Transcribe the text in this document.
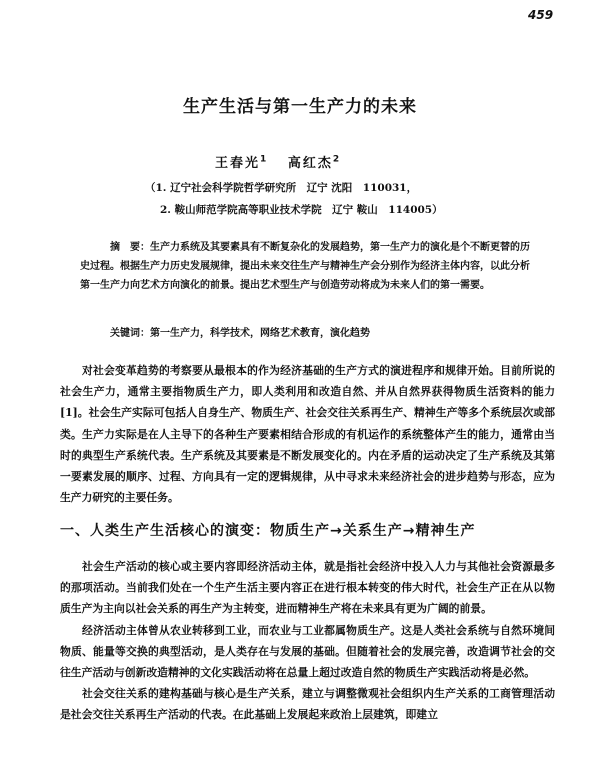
459
生产生活与第一生产力的未来
王春光$^1$ 高红杰$^2$
（1. 辽宁社会科学院哲学研究所　辽宁 沈阳　110031，
2. 鞍山师范学院高等职业技术学院　辽宁 鞍山　114005）
摘　要：生产力系统及其要素具有不断复杂化的发展趋势，第一生产力的演化是个不断更替的历史过程。根据生产力历史发展规律，提出未来交往生产与精神生产会分别作为经济主体内容，以此分析第一生产力向艺术方向演化的前景。提出艺术型生产与创造劳动将成为未来人们的第一需要。
关键词：第一生产力，科学技术，网络艺术教育，演化趋势

对社会变革趋势的考察要从最根本的作为经济基础的生产方式的演进程序和规律开始。目前所说的社会生产力，通常主要指物质生产力，即人类利用和改造自然、并从自然界获得物质生活资料的能力[1]。社会生产实际可包括人自身生产、物质生产、社会交往关系再生产、精神生产等多个系统层次或部类。生产力实际是在人主导下的各种生产要素相结合形成的有机运作的系统整体产生的能力，通常由当时的典型生产系统代表。生产系统及其要素是不断发展变化的。内在矛盾的运动决定了生产系统及其第一要素发展的顺序、过程、方向具有一定的逻辑规律，从中寻求未来经济社会的进步趋势与形态，应为生产力研究的主要任务。

一、人类生产生活核心的演变：物质生产→关系生产→精神生产

社会生产活动的核心或主要内容即经济活动主体，就是指社会经济中投入人力与其他社会资源最多的那项活动。当前我们处在一个生产生活主要内容正在进行根本转变的伟大时代，社会生产正在从以物质生产为主向以社会关系的再生产为主转变，进而精神生产将在未来具有更为广阔的前景。

经济活动主体曾从农业转移到工业，而农业与工业都属物质生产。这是人类社会系统与自然环境间物质、能量等交换的典型活动，是人类存在与发展的基础。但随着社会的发展完善，改造调节社会的交往生产活动与创新改造精神的文化实践活动将在总量上超过改造自然的物质生产实践活动将是必然。

社会交往关系的建构基础与核心是生产关系，建立与调整微观社会组织内生产关系的工商管理活动是社会交往关系再生产活动的代表。在此基础上发展起来政治上层建筑，即建立
